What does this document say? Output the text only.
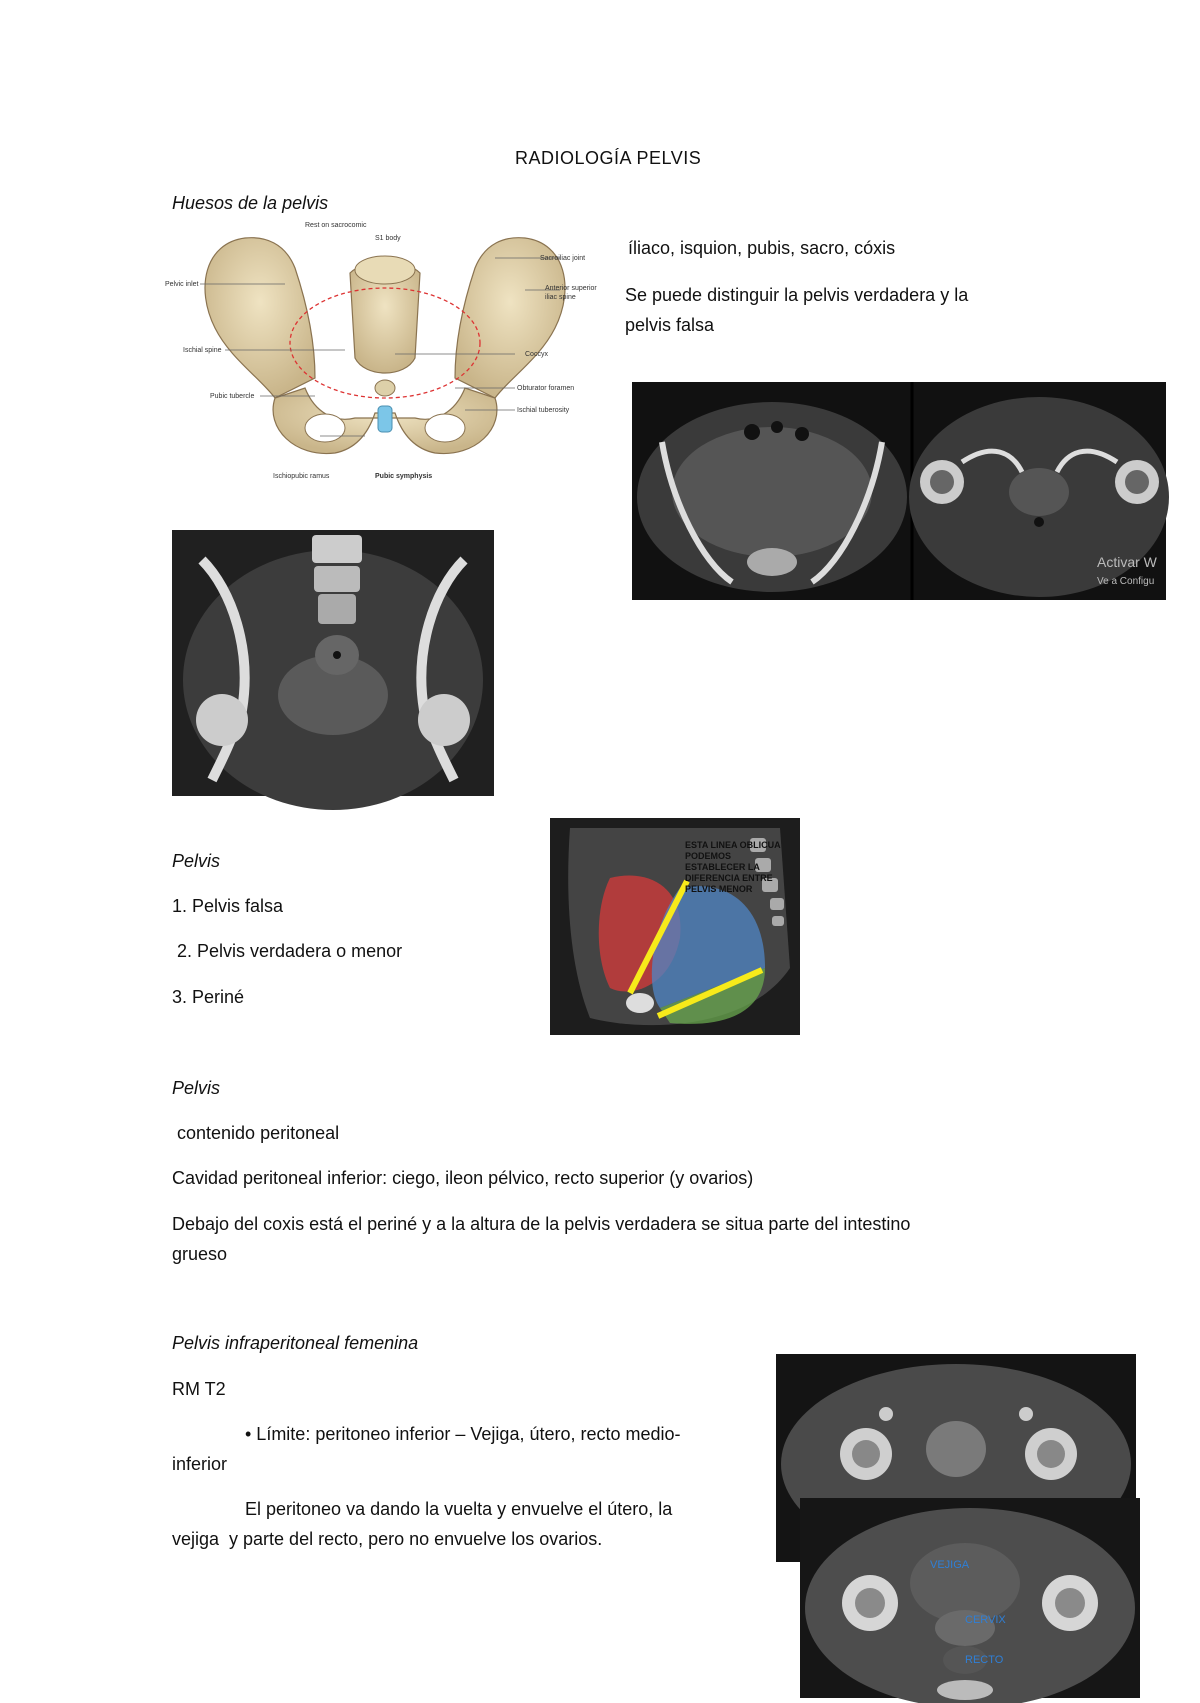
RADIOLOGÍA PELVIS
Huesos de la pelvis
íliaco, isquion, pubis, sacro, cóxis
Se puede distinguir la pelvis verdadera y la
pelvis falsa
Rest on sacrocomic
S1 body
Pelvic inlet
Sacroiliac joint
Anterior superior
iliac spine
Ischial spine
Coccyx
Obturator foramen
Pubic tubercle
Ischial tuberosity
Ischiopubic ramus	Pubic symphysis
Activar W
Ve a Configu
Pelvis
1. Pelvis falsa
2. Pelvis verdadera o menor
3. Periné
ESTA LINEA OBLICUA
PODEMOS
ESTABLECER LA
DIFERENCIA ENTRE
PELVIS MENOR
Pelvis
contenido peritoneal
Cavidad peritoneal inferior: ciego, ileon pélvico, recto superior (y ovarios)
Debajo del coxis está el periné y a la altura de la pelvis verdadera se situa parte del intestino
grueso
Pelvis infraperitoneal femenina
RM T2
• Límite: peritoneo inferior – Vejiga, útero, recto medio-
inferior
El peritoneo va dando la vuelta y envuelve el útero, la
vejiga  y parte del recto, pero no envuelve los ovarios.
VEJIGA
CERVIX
RECTO
